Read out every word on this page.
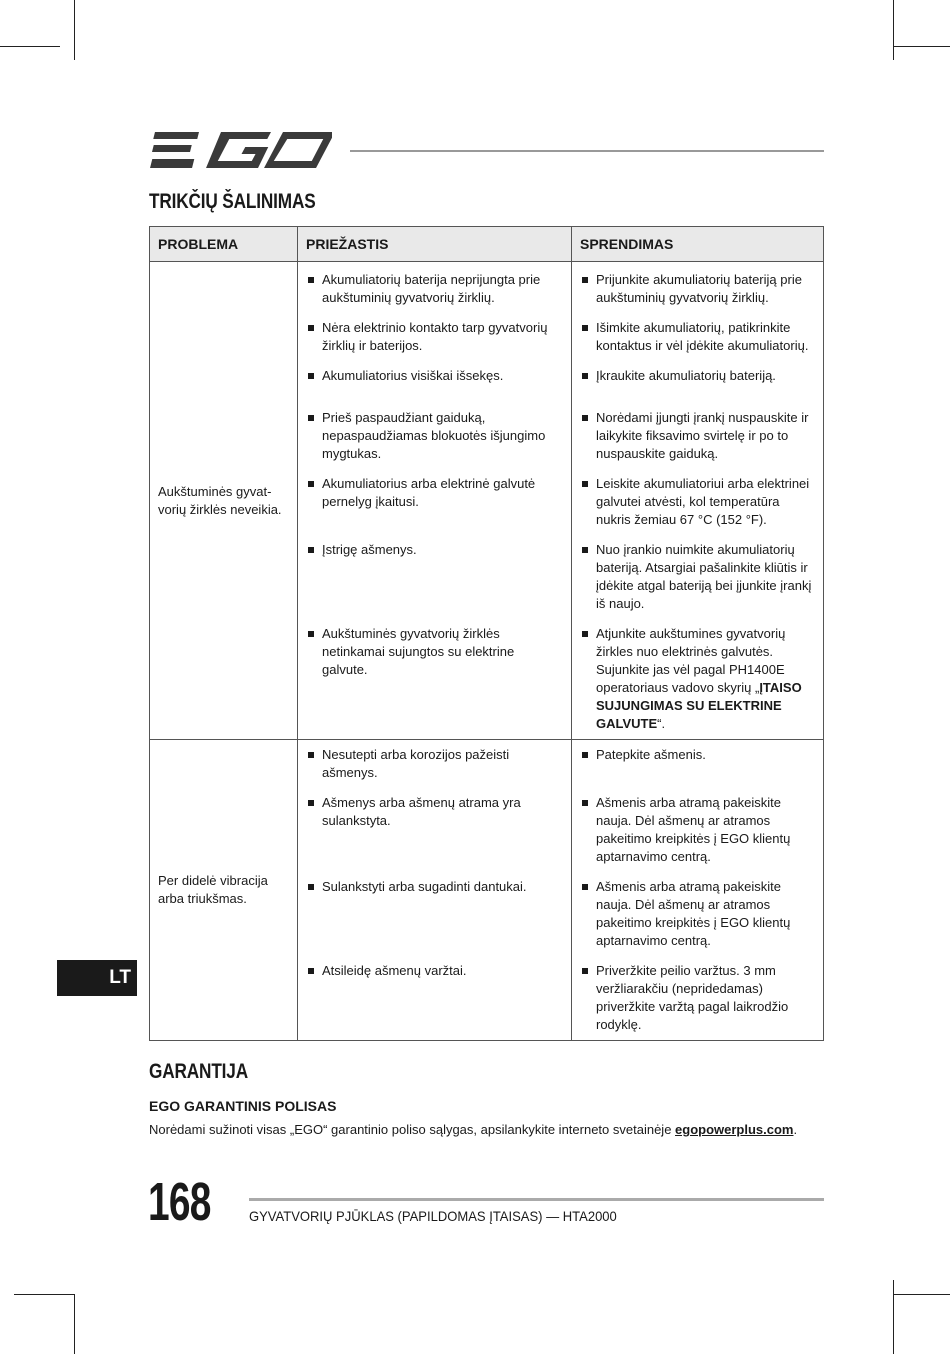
TRIKČIŲ ŠALINIMAS
PROBLEMA	PRIEŽASTIS	SPRENDIMAS
Aukštuminės gyvat-vorių žirklės neveikia.	Akumuliatorių baterija neprijungta prie aukštuminių gyvatvorių žirklių.	Prijunkite akumuliatorių bateriją prie aukštuminių gyvatvorių žirklių.

	Nėra elektrinio kontakto tarp gyvatvorių žirklių ir baterijos.	Išimkite akumuliatorių, patikrinkite kontaktus ir vėl įdėkite akumuliatorių.

	Akumuliatorius visiškai išsekęs.	Įkraukite akumuliatorių bateriją.

	Prieš paspaudžiant gaiduką, nepaspaudžiamas blokuotės išjungimo mygtukas.	Norėdami įjungti įrankį nuspauskite ir laikykite fiksavimo svirtelę ir po to nuspauskite gaiduką.

	Akumuliatorius arba elektrinė galvutė pernelyg įkaitusi.	Leiskite akumuliatoriui arba elektrinei galvutei atvėsti, kol temperatūra nukris žemiau 67 °C (152 °F).

	Įstrigę ašmenys.	Nuo įrankio nuimkite akumuliatorių bateriją. Atsargiai pašalinkite kliūtis ir įdėkite atgal bateriją bei įjunkite įrankį iš naujo.

	Aukštuminės gyvatvorių žirklės netinkamai sujungtos su elektrine galvute.	Atjunkite aukštumines gyvatvorių žirkles nuo elektrinės galvutės. Sujunkite jas vėl pagal PH1400E operatoriaus vadovo skyrių „ĮTAISO SUJUNGIMAS SU ELEKTRINE GALVUTE“.

Per didelė vibracija arba triukšmas.	Nesutepti arba korozijos pažeisti ašmenys.	Patepkite ašmenis.

	Ašmenys arba ašmenų atrama yra sulankstyta.	Ašmenis arba atramą pakeiskite nauja. Dėl ašmenų ar atramos pakeitimo kreipkitės į EGO klientų aptarnavimo centrą.

	Sulankstyti arba sugadinti dantukai.	Ašmenis arba atramą pakeiskite nauja. Dėl ašmenų ar atramos pakeitimo kreipkitės į EGO klientų aptarnavimo centrą.

	Atsileidę ašmenų varžtai.	Priveržkite peilio varžtus. 3 mm veržliarakčiu (nepridedamas) priveržkite varžtą pagal laikrodžio rodyklę.
LT
GARANTIJA
EGO GARANTINIS POLISAS
Norėdami sužinoti visas „EGO“ garantinio poliso sąlygas, apsilankykite interneto svetainėje egopowerplus.com.
168	GYVATVORIŲ PJŪKLAS (PAPILDOMAS ĮTAISAS) — HTA2000
